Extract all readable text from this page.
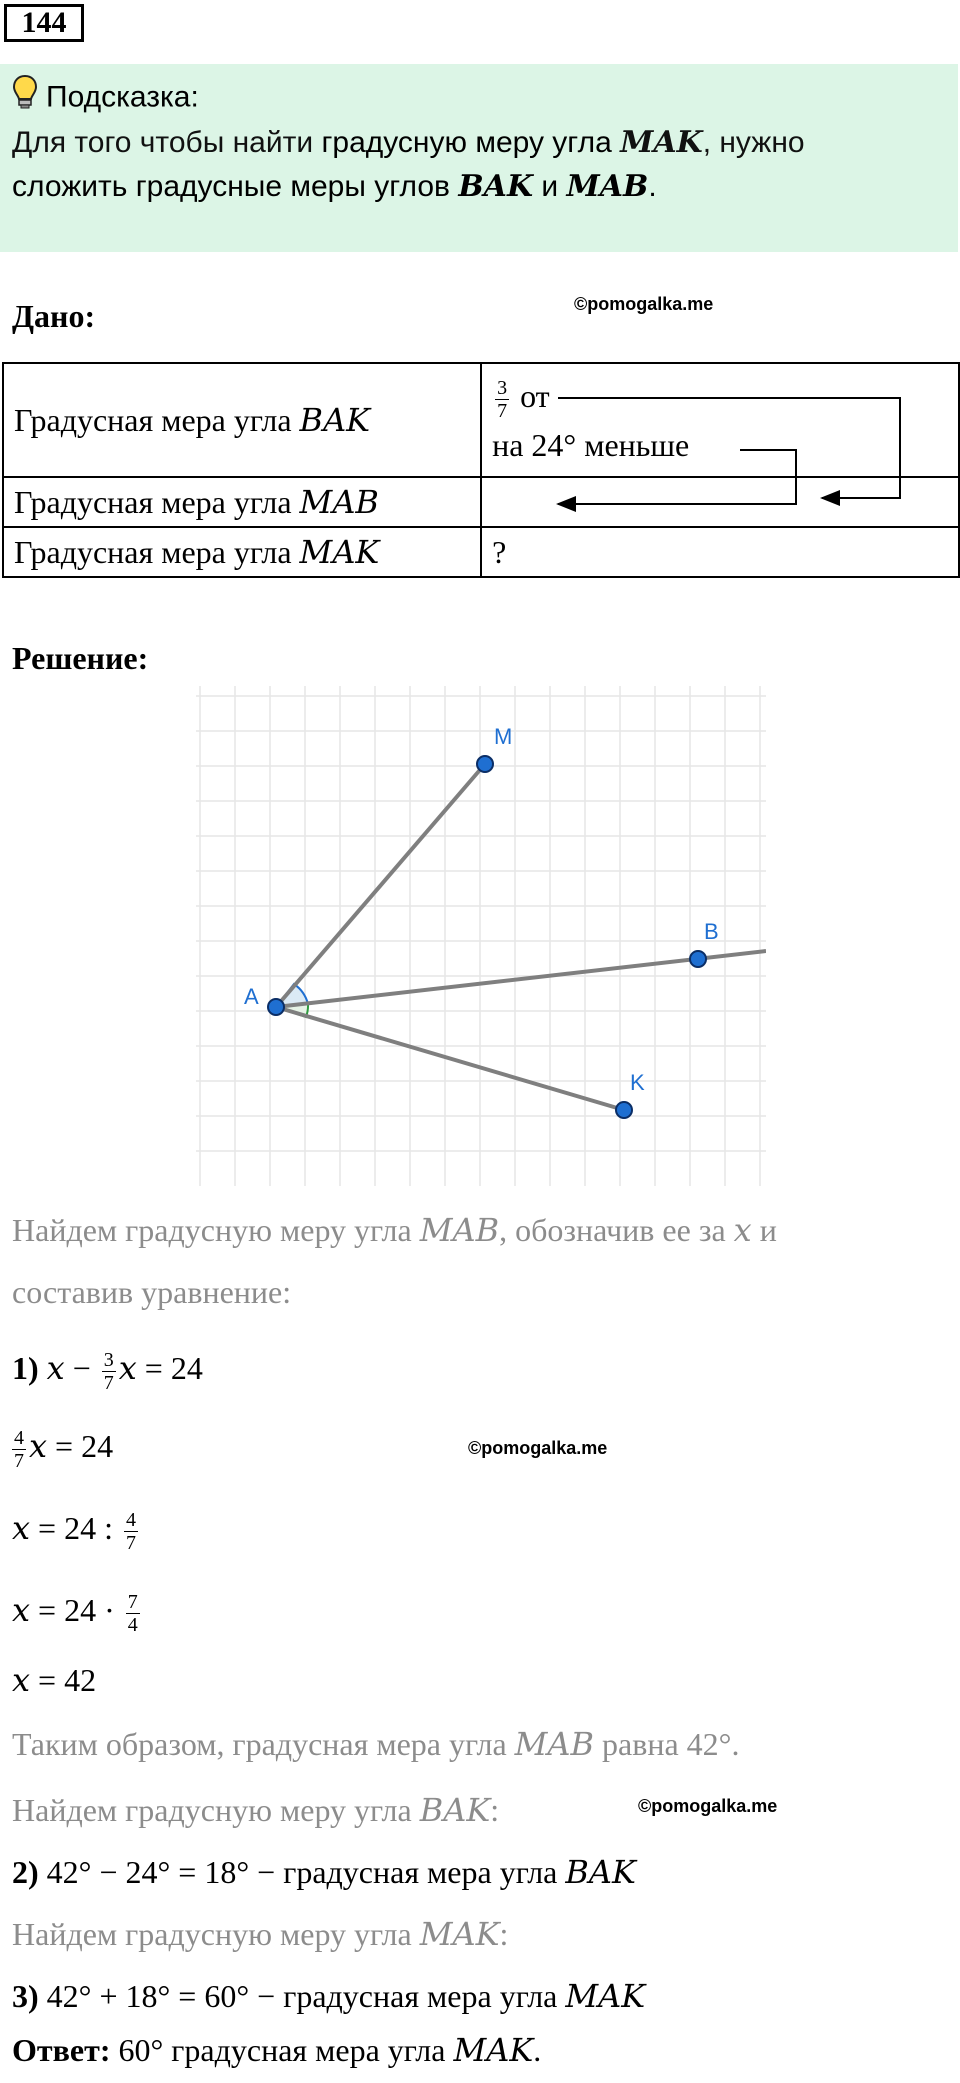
144
Подсказка:
Для того чтобы найти градусную меру угла MAK, нужно
сложить градусные меры углов BAK и MAB.
©pomogalka.me
©pomogalka.me
©pomogalka.me
Дано:
Градусная мера угла BAK	$\frac{3}{7}$ от
на 24° меньше

Градусная мера угла MAB	
Градусная мера угла MAK	?
Решение:
M
B
A
K
Найдем градусную меру угла MAB, обозначив ее за x и
составив уравнение:
1) $x - \frac{3}{7}$ x = 24
$\frac{4}{7}$ x = 24
x = 24 : $\frac{4}{7}$
$x = 24 \cdot \frac{7}{4}$
x = 42
Таким образом, градусная мера угла MAB равна 42°.
Найдем градусную меру угла BAK:
2) 42° − 24° = 18° − градусная мера угла BAK
Найдем градусную меру угла MAK:
3) 42° + 18° = 60° − градусная мера угла MAK
Ответ: 60° градусная мера угла MAK.
